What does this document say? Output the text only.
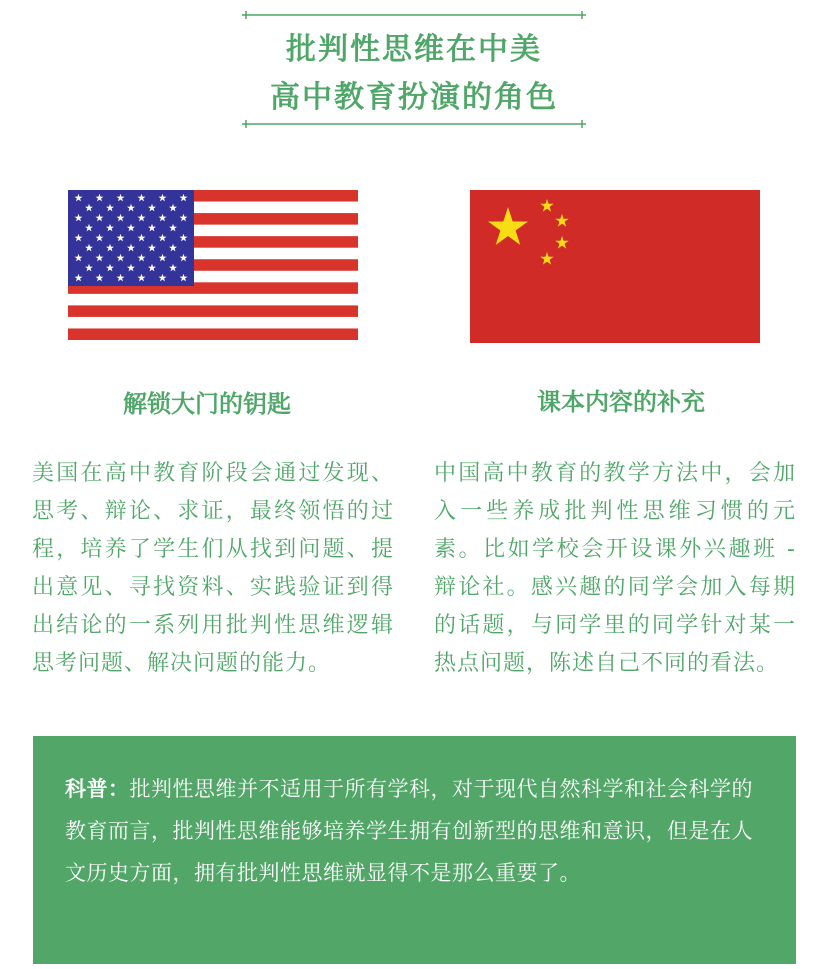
批判性思维在中美
高中教育扮演的角色
解锁大门的钥匙	课本内容的补充

美国在高中教育阶段会通过发现、思考、辩论、求证，最终领悟的过程，培养了学生们从找到问题、提出意见、寻找资料、实践验证到得出结论的一系列用批判性思维逻辑思考问题、解决问题的能力。

中国高中教育的教学方法中，会加入一些养成批判性思维习惯的元素。比如学校会开设课外兴趣班 - 辩论社。感兴趣的同学会加入每期的话题，与同学里的同学针对某一热点问题，陈述自己不同的看法。

科普：批判性思维并不适用于所有学科，对于现代自然科学和社会科学的教育而言，批判性思维能够培养学生拥有创新型的思维和意识，但是在人文历史方面，拥有批判性思维就显得不是那么重要了。
